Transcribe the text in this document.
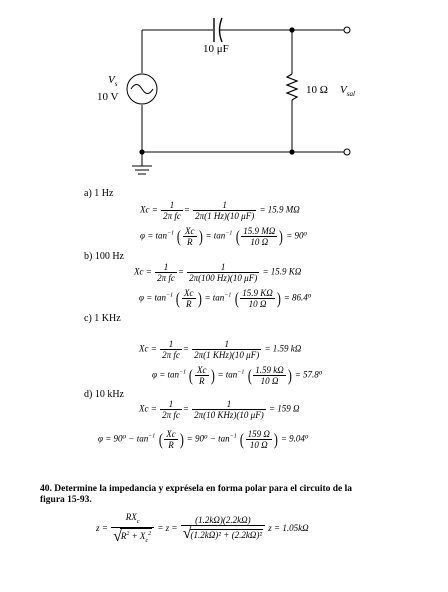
10 μF
$V_s$
10 V
10 Ω $V_{sal}$
a) 1 Hz
$Xc = \frac{1}{\text{2π fc}} = \frac{1}{2\pi(1 Hz)(10 \mu F)} = 15.9$ MΩ
$\varphi = \tan^{-1}$ ( $\frac{Xc}{R}$ ) = $\tan^{-1}$ ( $\frac{15.9 M\Omega}{10 \Omega}$ ) = 90⁰
b) 100 Hz
$Xc = \frac{1}{\text{2π fc}} = \frac{1}{2\pi(100 Hz)(10 \mu F)} = 15.9$ KΩ
$\varphi = \tan^{-1}$ ( $\frac{Xc}{R}$ ) = $\tan^{-1}$ ( $\frac{15.9 K\Omega}{10 \Omega}$ ) = 86.4⁰
c) 1 KHz
$Xc = \frac{1}{\text{2π fc}} = \frac{1}{\text{2π(1 KHz)(10 μF)}} = 1.59$ kΩ
$\varphi = \tan^{-1}$ ( $\frac{Xc}{R}$ ) = $\tan^{-1}$ ( $\frac{1.59 k\Omega}{10 \Omega}$ ) = 57.8⁰
d) 10 kHz
$Xc = \frac{1}{\text{2π fc}} = \frac{1}{\text{2π(10 KHz)(10 μF)}} = 159$ Ω
$\varphi = 90^0 - \tan^{-1}$ ( $\frac{Xc}{R}$ ) = $90^0 - \tan^{-1}$ ( $\frac{159 \Omega}{10 \Omega}$ ) = 9.04⁰
40. Determine la impedancia y exprésela en forma polar para el circuito de la
figura 15-93.
$z = \frac{RX_c}{√R^2 + X_c^2} = z = \frac{(1.2k\Omega)(2.2k\Omega)}{\text{√(1.2kΩ)² + (2.2kΩ)²}}$ z = 1.05kΩ
